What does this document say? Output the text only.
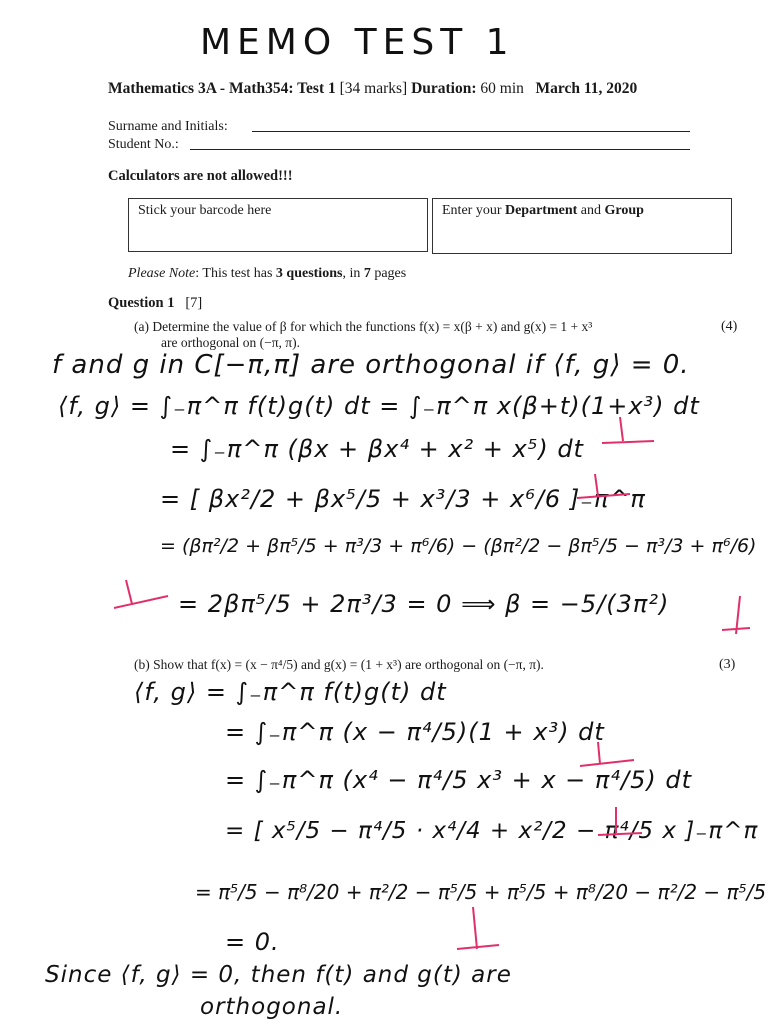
MEMO TEST 1
Mathematics 3A - Math354: Test 1 [34 marks] Duration: 60 min March 11, 2020
Surname and Initials:
Student No.:
Calculators are not allowed!!!
Stick your barcode here	Enter your Department and Group
Please Note: This test has 3 questions, in 7 pages
Question 1 [7]
(a) Determine the value of β for which the functions f(x) = x(β + x) and g(x) = 1 + x³
are orthogonal on (−π, π).
(4)
f and g in C[−π,π] are orthogonal if ⟨f, g⟩ = 0.
⟨f, g⟩ = ∫₋π^π f(t)g(t) dt = ∫₋π^π x(β+t)(1+x³) dt
= ∫₋π^π (βx + βx⁴ + x² + x⁵) dt
= [ βx²/2 + βx⁵/5 + x³/3 + x⁶/6 ]₋π^π
= (βπ²/2 + βπ⁵/5 + π³/3 + π⁶/6) − (βπ²/2 − βπ⁵/5 − π³/3 + π⁶/6)
= 2βπ⁵/5 + 2π³/3 = 0 ⟹ β = −5/(3π²)
(b) Show that f(x) = (x − π⁴/5) and g(x) = (1 + x³) are orthogonal on (−π, π).	(3)
⟨f, g⟩ = ∫₋π^π f(t)g(t) dt
= ∫₋π^π (x − π⁴/5)(1 + x³) dt
= ∫₋π^π (x⁴ − π⁴/5 x³ + x − π⁴/5) dt
= [ x⁵/5 − π⁴/5 · x⁴/4 + x²/2 − π⁴/5 x ]₋π^π
= π⁵/5 − π⁸/20 + π²/2 − π⁵/5 + π⁵/5 + π⁸/20 − π²/2 − π⁵/5
= 0.
Since ⟨f, g⟩ = 0, then f(t) and g(t) are
orthogonal.
